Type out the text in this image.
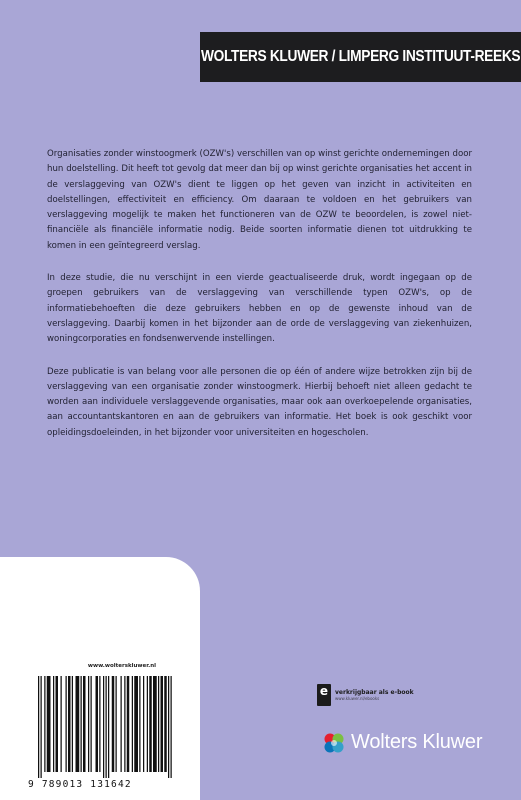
WOLTERS KLUWER / LIMPERG INSTITUUT-REEKS

Organisaties zonder winstoogmerk (OZW's) verschillen van op winst gerichte ondernemingen door hun doelstelling. Dit heeft tot gevolg dat meer dan bij op winst gerichte organisaties het accent in de verslaggeving van OZW's dient te liggen op het geven van inzicht in activiteiten en doelstellingen, effectiviteit en efficiency. Om daaraan te voldoen en het gebruikers van verslaggeving mogelijk te maken het functioneren van de OZW te beoordelen, is zowel niet-financiële als financiële informatie nodig. Beide soorten informatie dienen tot uitdrukking te komen in een geïntegreerd verslag.

In deze studie, die nu verschijnt in een vierde geactualiseerde druk, wordt ingegaan op de groepen gebruikers van de verslaggeving van verschillende typen OZW's, op de informatiebehoeften die deze gebruikers hebben en op de gewenste inhoud van de verslaggeving. Daarbij komen in het bijzonder aan de orde de verslaggeving van ziekenhuizen, woningcorporaties en fondsenwervende instellingen.

Deze publicatie is van belang voor alle personen die op één of andere wijze betrokken zijn bij de verslaggeving van een organisatie zonder winstoogmerk. Hierbij behoeft niet alleen gedacht te worden aan individuele verslaggevende organisaties, maar ook aan overkoepelende organisaties, aan accountantskantoren en aan de gebruikers van informatie. Het boek is ook geschikt voor opleidingsdoeleinden, in het bijzonder voor universiteiten en hogescholen.

www.wolterskluwer.nl
9 789013 131642
e	verkrijgbaar als e-book
www.kluwer.nl/ebooks
Wolters Kluwer
